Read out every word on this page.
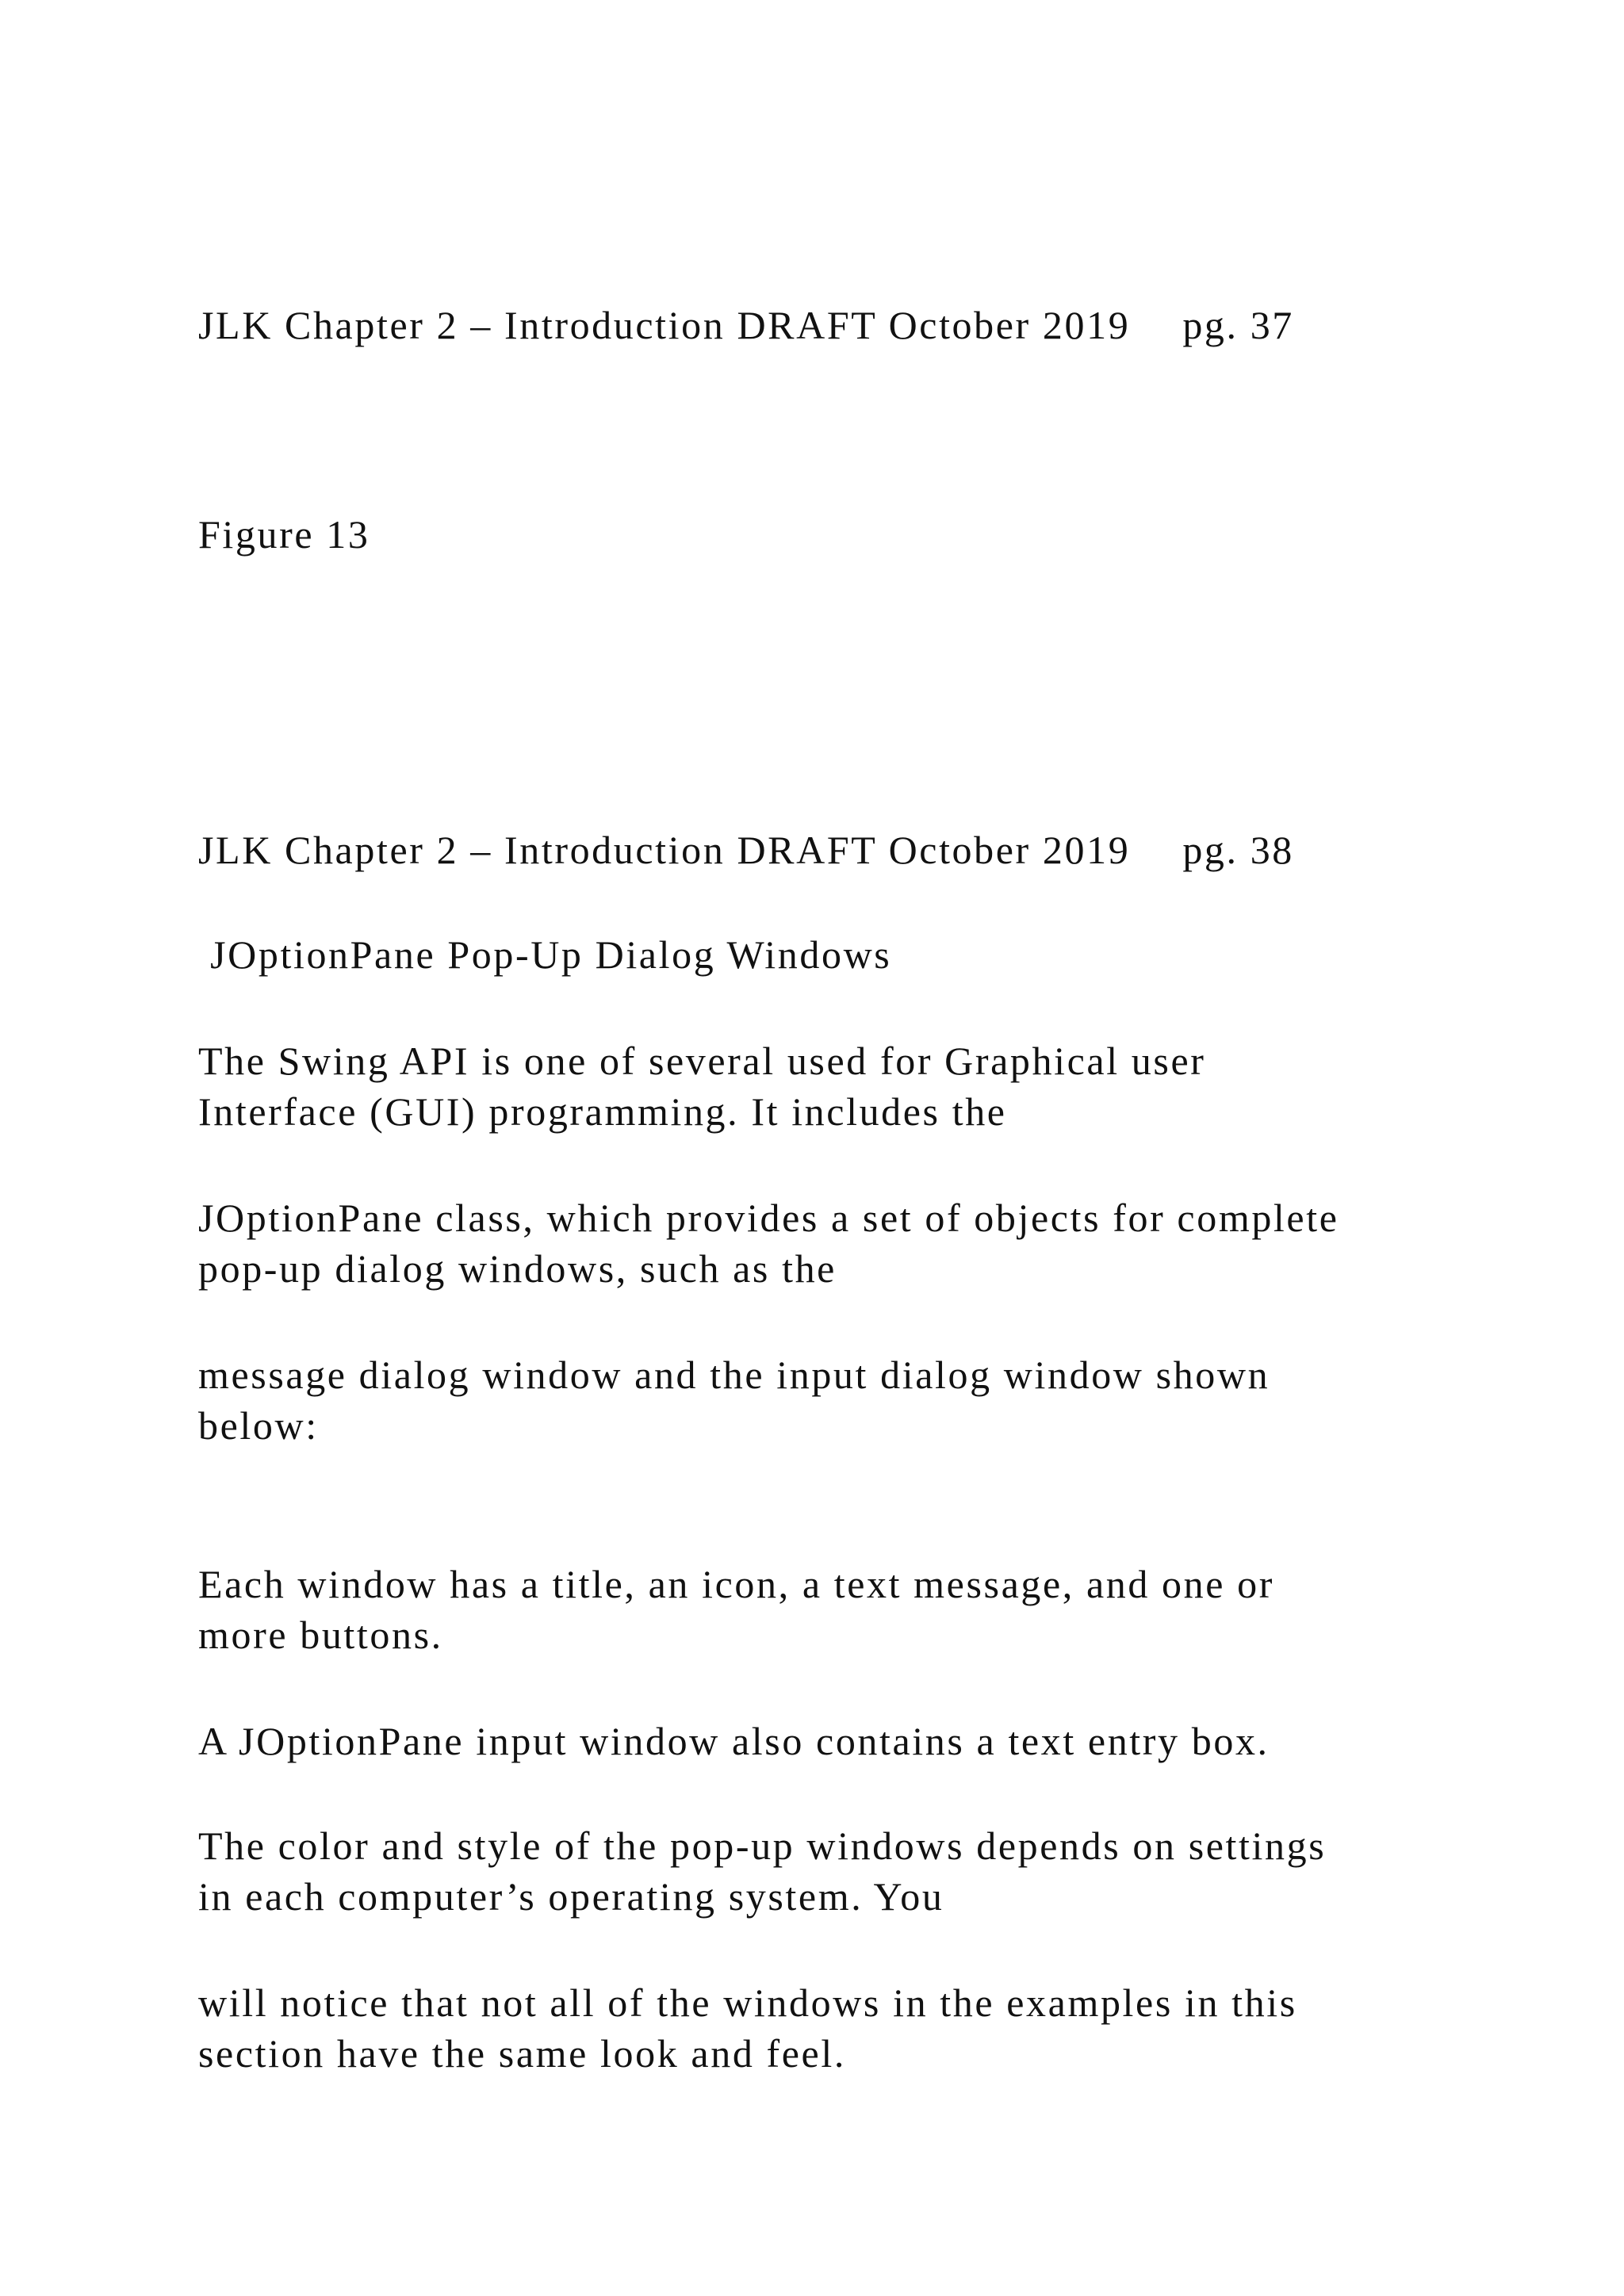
JLK Chapter 2 – Introduction DRAFT October 2019 pg. 37

Figure 13

JLK Chapter 2 – Introduction DRAFT October 2019 pg. 38

JOptionPane Pop-Up Dialog Windows

The Swing API is one of several used for Graphical user

Interface (GUI) programming. It includes the

JOptionPane class, which provides a set of objects for complete

pop-up dialog windows, such as the

message dialog window and the input dialog window shown

below:

Each window has a title, an icon, a text message, and one or

more buttons.

A JOptionPane input window also contains a text entry box.

The color and style of the pop-up windows depends on settings

in each computer’s operating system. You

will notice that not all of the windows in the examples in this

section have the same look and feel.
